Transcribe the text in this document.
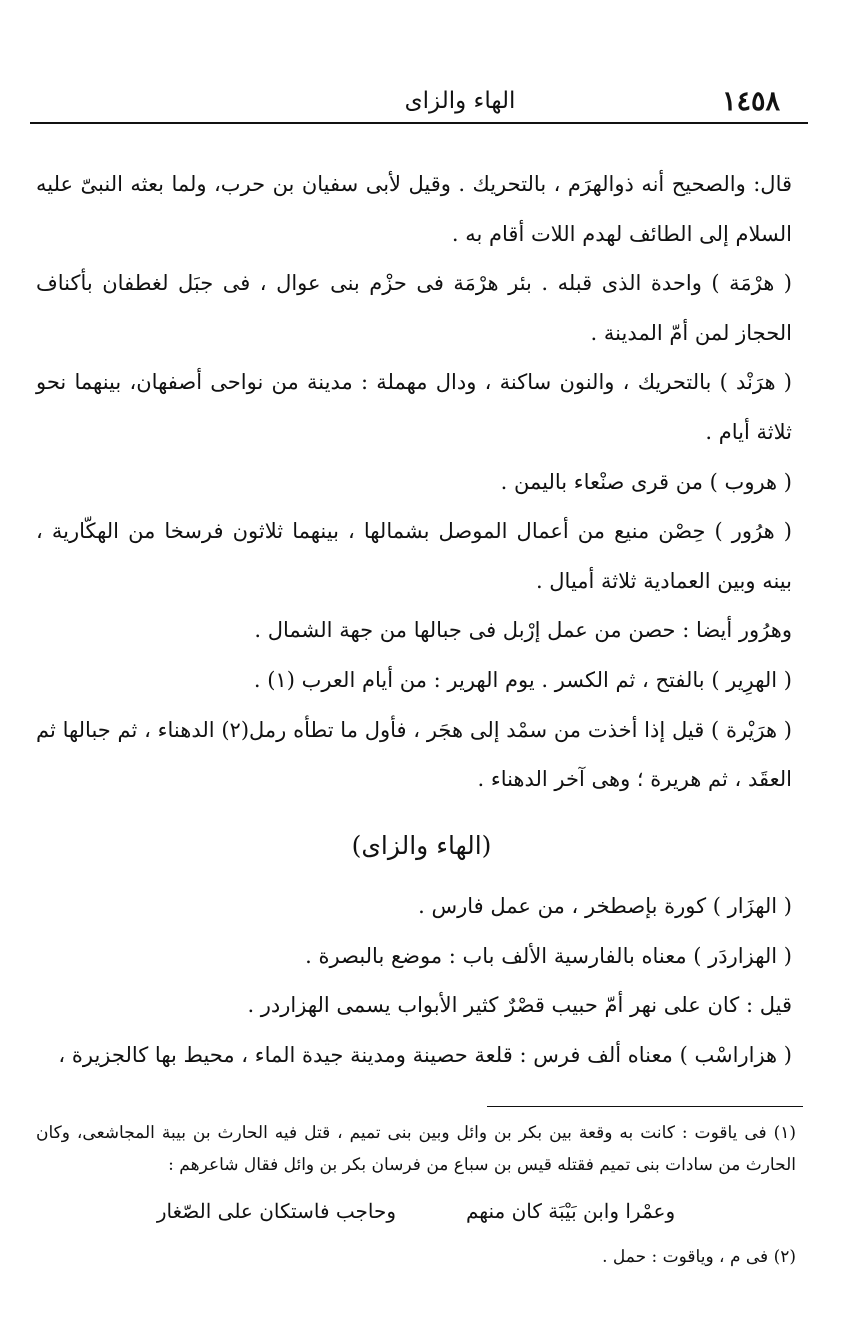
١٤٥٨
الهاء والزاى

قال: والصحيح أنه ذوالهرَم ، بالتحريك . وقيل لأبى سفيان بن حرب، ولما بعثه النبىّ عليه السلام إلى الطائف لهدم اللات أقام به .

( هرْمَة ) واحدة الذى قبله . بئر هرْمَة فى حزْم بنى عوال ، فى جبَل لغطفان بأكناف الحجاز لمن أمّ المدينة .

( هرَنْد ) بالتحريك ، والنون ساكنة ، ودال مهملة : مدينة من نواحى أصفهان، بينهما نحو ثلاثة أيام .

( هروب ) من قرى صنْعاء باليمن .

( هرُور ) حِصْن منيع من أعمال الموصل بشمالها ، بينهما ثلاثون فرسخا من الهكّارية ، بينه وبين العمادية ثلاثة أميال .

وهرُور أيضا : حصن من عمل إرْبل فى جبالها من جهة الشمال .

( الهرِير ) بالفتح ، ثم الكسر . يوم الهرير : من أيام العرب (١) .

( هرَيْرة ) قيل إذا أخذت من سمْد إلى هجَر ، فأول ما تطأه رمل(٢) الدهناء ، ثم جبالها ثم العقَد ، ثم هريرة ؛ وهى آخر الدهناء .

(الهاء والزاى)

( الهزَار ) كورة بإصطخر ، من عمل فارس .

( الهزاردَر ) معناه بالفارسية الألف باب : موضع بالبصرة .

قيل : كان على نهر أمّ حبيب قصْرٌ كثير الأبواب يسمى الهزاردر .

( هزاراسْب ) معناه ألف فرس : قلعة حصينة ومدينة جيدة الماء ، محيط بها كالجزيرة ،

(١) فى ياقوت : كانت به وقعة بين بكر بن وائل وبين بنى تميم ، قتل فيه الحارث بن بيبة المجاشعى، وكان الحارث من سادات بنى تميم فقتله قيس بن سباع من فرسان بكر بن وائل فقال شاعرهم :

وعمْرا وابن بَيْبَة كان منهم
وحاجب فاستكان على الصّغار

(٢) فى م ، وياقوت : حمل .
